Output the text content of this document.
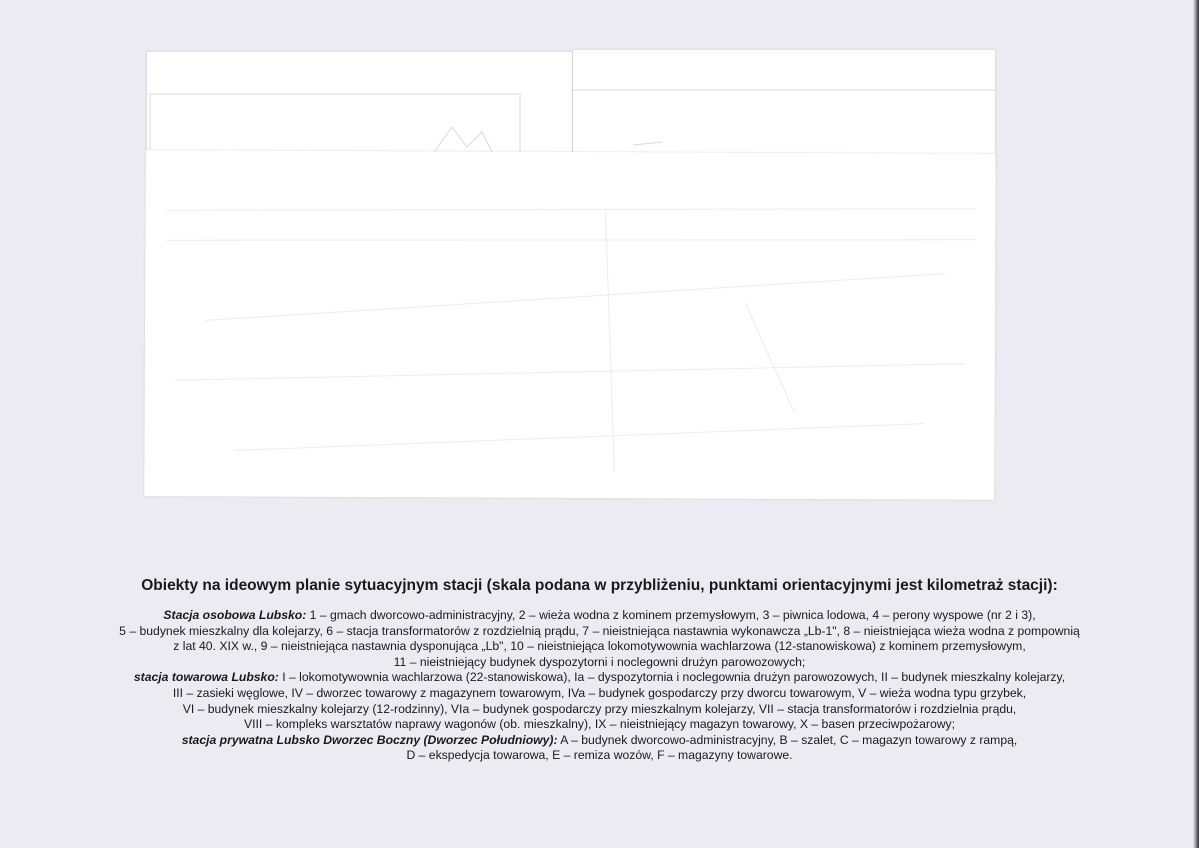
Obiekty na ideowym planie sytuacyjnym stacji (skala podana w przybliżeniu, punktami orientacyjnymi jest kilometraż stacji):
Stacja osobowa Lubsko: 1 – gmach dworcowo-administracyjny, 2 – wieża wodna z kominem przemysłowym, 3 – piwnica lodowa, 4 – perony wyspowe (nr 2 i 3),
5 – budynek mieszkalny dla kolejarzy, 6 – stacja transformatorów z rozdzielnią prądu, 7 – nieistniejąca nastawnia wykonawcza „Lb-1", 8 – nieistniejąca wieża wodna z pompownią
z lat 40. XIX w., 9 – nieistniejąca nastawnia dysponująca „Lb", 10 – nieistniejąca lokomotywownia wachlarzowa (12-stanowiskowa) z kominem przemysłowym,
11 – nieistniejący budynek dyspozytorni i noclegowni drużyn parowozowych;
stacja towarowa Lubsko: I – lokomotywownia wachlarzowa (22-stanowiskowa), Ia – dyspozytornia i noclegownia drużyn parowozowych, II – budynek mieszkalny kolejarzy,
III – zasieki węglowe, IV – dworzec towarowy z magazynem towarowym, IVa – budynek gospodarczy przy dworcu towarowym, V – wieża wodna typu grzybek,
VI – budynek mieszkalny kolejarzy (12-rodzinny), VIa – budynek gospodarczy przy mieszkalnym kolejarzy, VII – stacja transformatorów i rozdzielnia prądu,
VIII – kompleks warsztatów naprawy wagonów (ob. mieszkalny), IX – nieistniejący magazyn towarowy, X – basen przeciwpożarowy;
stacja prywatna Lubsko Dworzec Boczny (Dworzec Południowy): A – budynek dworcowo-administracyjny, B – szalet, C – magazyn towarowy z rampą,
D – ekspedycja towarowa, E – remiza wozów, F – magazyny towarowe.
